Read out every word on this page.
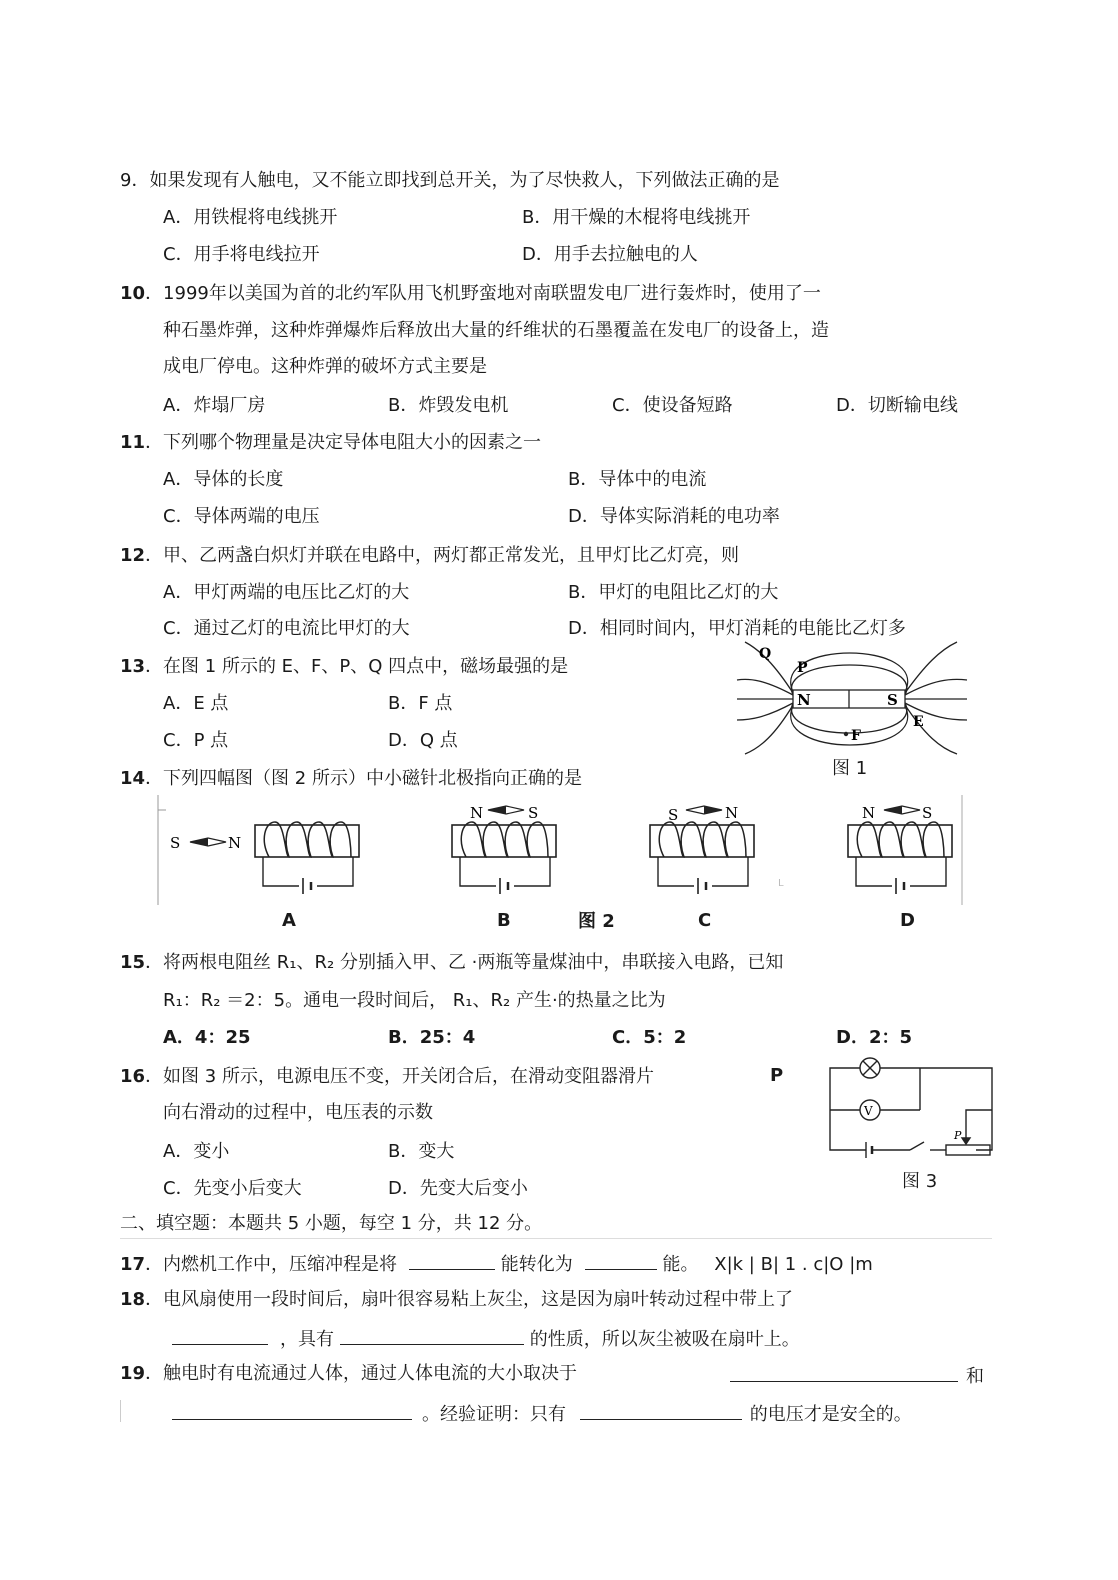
9．如果发现有人触电，又不能立即找到总开关，为了尽快救人，下列做法正确的是
A．用铁棍将电线挑开	B．用干燥的木棍将电线挑开
C．用手将电线拉开	D．用手去拉触电的人
10．1999年以美国为首的北约军队用飞机野蛮地对南联盟发电厂进行轰炸时，使用了一
种石墨炸弹，这种炸弹爆炸后释放出大量的纤维状的石墨覆盖在发电厂的设备上，造
成电厂停电。这种炸弹的破坏方式主要是
A．炸塌厂房	B．炸毁发电机	C．使设备短路	D．切断输电线
11．下列哪个物理量是决定导体电阻大小的因素之一
A．导体的长度	B．导体中的电流
C．导体两端的电压	D．导体实际消耗的电功率
12．甲、乙两盏白炽灯并联在电路中，两灯都正常发光，且甲灯比乙灯亮，则
A．甲灯两端的电压比乙灯的大	B．甲灯的电阻比乙灯的大
C．通过乙灯的电流比甲灯的大	D．相同时间内，甲灯消耗的电能比乙灯多
13．在图 1 所示的 E、F、P、Q 四点中，磁场最强的是
A．E 点	B．F 点
C．P 点	D．Q 点
N	S
Q
P
E
F
图 1
14．下列四幅图（图 2 所示）中小磁针北极指向正确的是
S	N
N	S	S	N	N	S
L
A	B	图 2	C	D
15．将两根电阻丝 R₁、R₂ 分别插入甲、乙 ·两瓶等量煤油中，串联接入电路，已知
R₁：R₂ ＝2：5。通电一段时间后， R₁、R₂ 产生·的热量之比为
A．4：25	B．25：4	C．5：2	D．2：5
16．如图 3 所示，电源电压不变，开关闭合后，在滑动变阻器滑片	P
向右滑动的过程中，电压表的示数
A．变小	B．变大
C．先变小后变大	D．先变大后变小
V
P
图 3
二、填空题：本题共 5 小题，每空 1 分，共 12 分。
17．内燃机工作中，压缩冲程是将	能转化为	能。 X|k | B| 1 . c|O |m
18．电风扇使用一段时间后，扇叶很容易粘上灰尘，这是因为扇叶转动过程中带上了
，具有	的性质，所以灰尘被吸在扇叶上。
19．触电时有电流通过人体，通过人体电流的大小取决于	和
。经验证明：只有	的电压才是安全的。
